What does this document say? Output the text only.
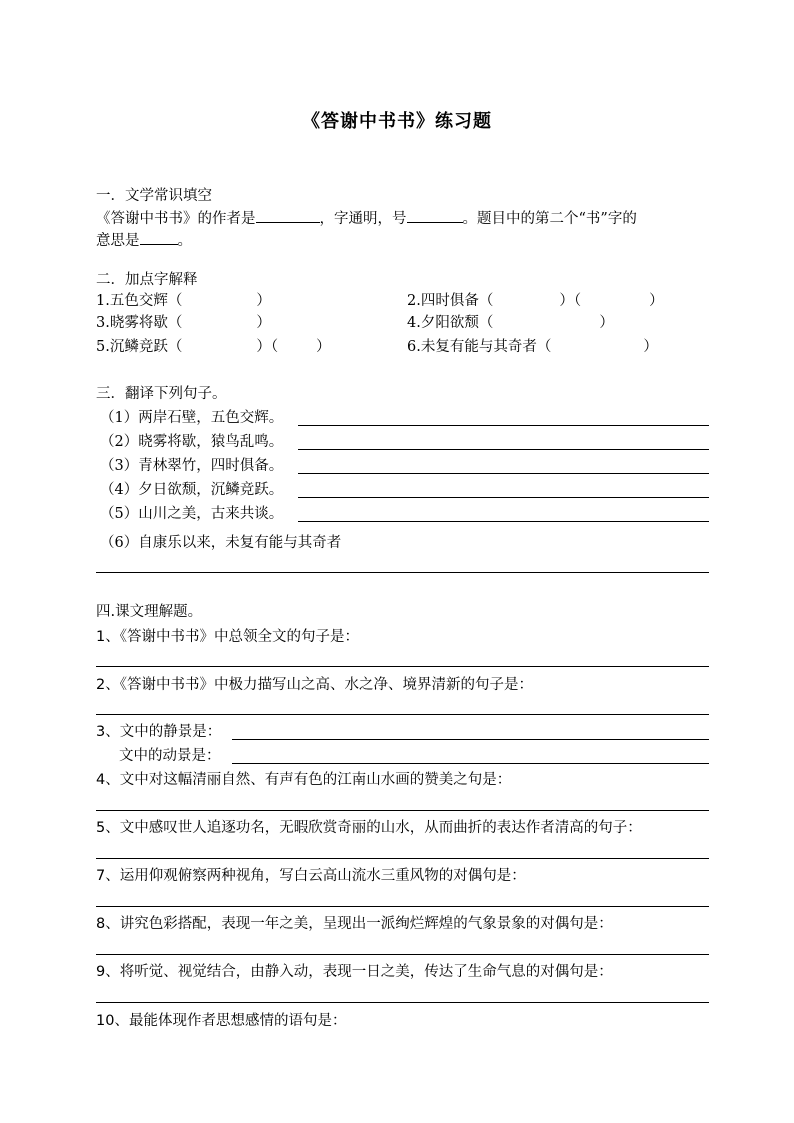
《答谢中书书》练习题
一．文学常识填空
《答谢中书书》的作者是	，字通明，号	。题目中的第二个“书”字的
意思是	。
二．加点字解释
1.五色交辉（	）	2.四时俱备（	）（	）
3.晓雾将歇（	）	4.夕阳欲颓（	）
5.沉鳞竞跃（	）（	）	6.未复有能与其奇者（	）
三．翻译下列句子。
（1）两岸石壁，五色交辉。
（2）晓雾将歇，猿鸟乱鸣。
（3）青林翠竹，四时俱备。
（4）夕日欲颓，沉鳞竞跃。
（5）山川之美，古来共谈。
（6）自康乐以来，未复有能与其奇者
四.课文理解题。
1、《答谢中书书》中总领全文的句子是：
2、《答谢中书书》中极力描写山之高、水之净、境界清新的句子是：
3、文中的静景是：
文中的动景是：
4、文中对这幅清丽自然、有声有色的江南山水画的赞美之句是：
5、文中感叹世人追逐功名，无暇欣赏奇丽的山水，从而曲折的表达作者清高的句子：
7、运用仰观俯察两种视角，写白云高山流水三重风物的对偶句是：
8、讲究色彩搭配，表现一年之美，呈现出一派绚烂辉煌的气象景象的对偶句是：
9、将听觉、视觉结合，由静入动，表现一日之美，传达了生命气息的对偶句是：
10、最能体现作者思想感情的语句是：
